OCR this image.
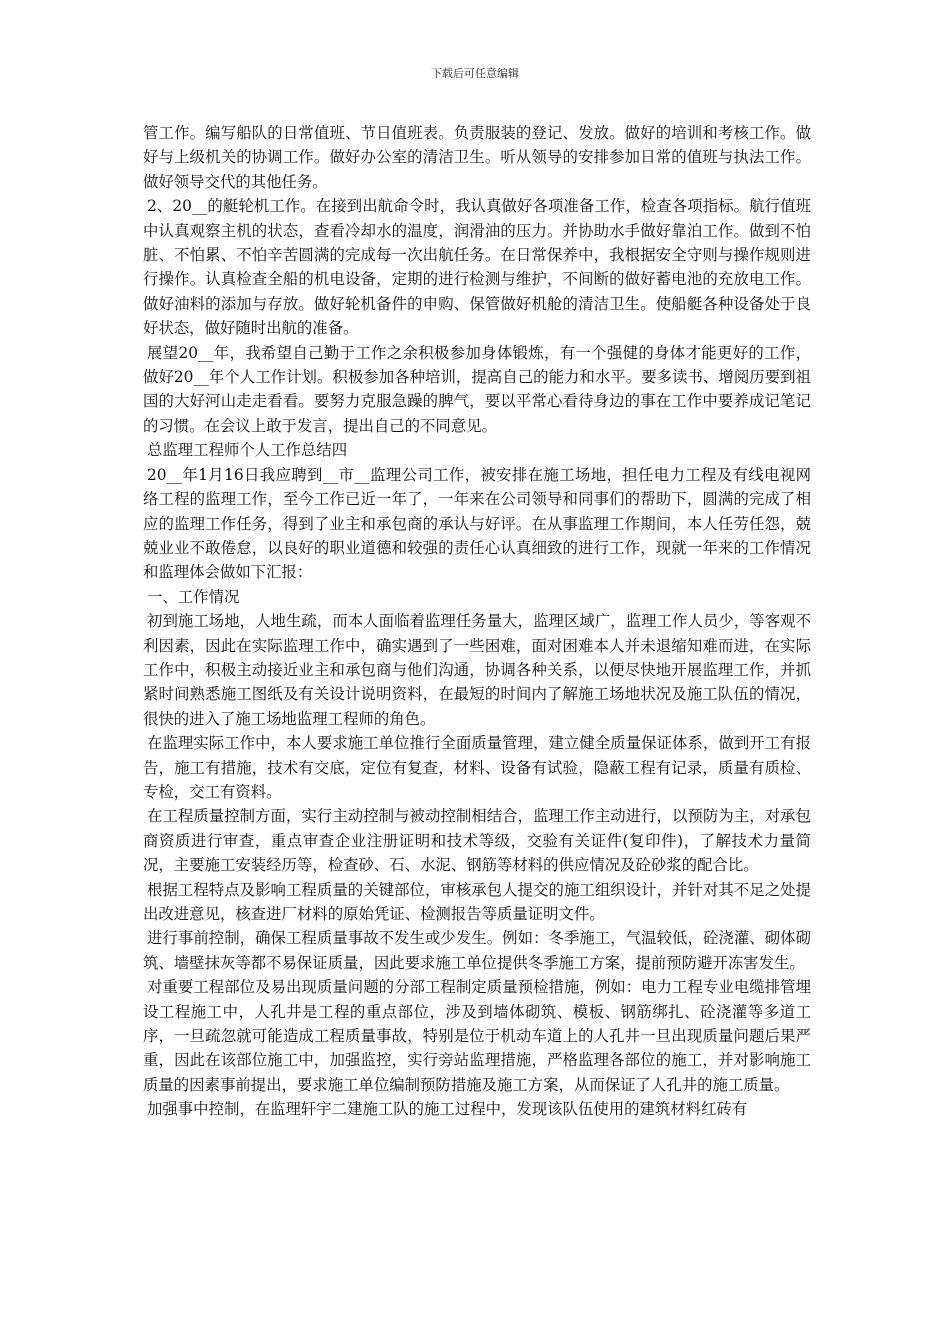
下载后可任意编辑

管工作。编写船队的日常值班、节日值班表。负责服装的登记、发放。做好的培训和考核工作。做好与上级机关的协调工作。做好办公室的清洁卫生。听从领导的安排参加日常的值班与执法工作。做好领导交代的其他任务。

2、20__的艇轮机工作。在接到出航命令时，我认真做好各项准备工作，检查各项指标。航行值班中认真观察主机的状态，查看冷却水的温度，润滑油的压力。并协助水手做好靠泊工作。做到不怕脏、不怕累、不怕辛苦圆满的完成每一次出航任务。在日常保养中，我根据安全守则与操作规则进行操作。认真检查全船的机电设备，定期的进行检测与维护，不间断的做好蓄电池的充放电工作。做好油料的添加与存放。做好轮机备件的申购、保管做好机舱的清洁卫生。使船艇各种设备处于良好状态，做好随时出航的准备。

展望20__年，我希望自己勤于工作之余积极参加身体锻炼，有一个强健的身体才能更好的工作，做好20__年个人工作计划。积极参加各种培训，提高自己的能力和水平。要多读书、增阅历要到祖国的大好河山走走看看。要努力克服急躁的脾气，要以平常心看待身边的事在工作中要养成记笔记的习惯。在会议上敢于发言，提出自己的不同意见。

总监理工程师个人工作总结四

20__年1月16日我应聘到__市__监理公司工作，被安排在施工场地，担任电力工程及有线电视网络工程的监理工作，至今工作已近一年了，一年来在公司领导和同事们的帮助下，圆满的完成了相应的监理工作任务，得到了业主和承包商的承认与好评。在从事监理工作期间，本人任劳任怨，兢兢业业不敢倦怠，以良好的职业道德和较强的责任心认真细致的进行工作，现就一年来的工作情况和监理体会做如下汇报：

一、工作情况

初到施工场地，人地生疏，而本人面临着监理任务量大，监理区域广，监理工作人员少，等客观不利因素，因此在实际监理工作中，确实遇到了一些困难，面对困难本人并未退缩知难而进，在实际工作中，积极主动接近业主和承包商与他们沟通，协调各种关系，以便尽快地开展监理工作，并抓紧时间熟悉施工图纸及有关设计说明资料，在最短的时间内了解施工场地状况及施工队伍的情况，很快的进入了施工场地监理工程师的角色。

在监理实际工作中，本人要求施工单位推行全面质量管理，建立健全质量保证体系，做到开工有报告，施工有措施，技术有交底，定位有复查，材料、设备有试验，隐蔽工程有记录，质量有质检、专检，交工有资料。

在工程质量控制方面，实行主动控制与被动控制相结合，监理工作主动进行，以预防为主，对承包商资质进行审查，重点审查企业注册证明和技术等级，交验有关证件(复印件)，了解技术力量简况，主要施工安装经历等，检查砂、石、水泥、钢筋等材料的供应情况及砼砂浆的配合比。

根据工程特点及影响工程质量的关键部位，审核承包人提交的施工组织设计，并针对其不足之处提出改进意见，核查进厂材料的原始凭证、检测报告等质量证明文件。

进行事前控制，确保工程质量事故不发生或少发生。例如：冬季施工，气温较低，砼浇灌、砌体砌筑、墙壁抹灰等都不易保证质量，因此要求施工单位提供冬季施工方案，提前预防避开冻害发生。

对重要工程部位及易出现质量问题的分部工程制定质量预检措施，例如：电力工程专业电缆排管埋设工程施工中，人孔井是工程的重点部位，涉及到墙体砌筑、模板、钢筋绑扎、砼浇灌等多道工序，一旦疏忽就可能造成工程质量事故，特别是位于机动车道上的人孔井一旦出现质量问题后果严重，因此在该部位施工中，加强监控，实行旁站监理措施，严格监理各部位的施工，并对影响施工质量的因素事前提出，要求施工单位编制预防措施及施工方案，从而保证了人孔井的施工质量。

加强事中控制，在监理轩宇二建施工队的施工过程中，发现该队伍使用的建筑材料红砖有
